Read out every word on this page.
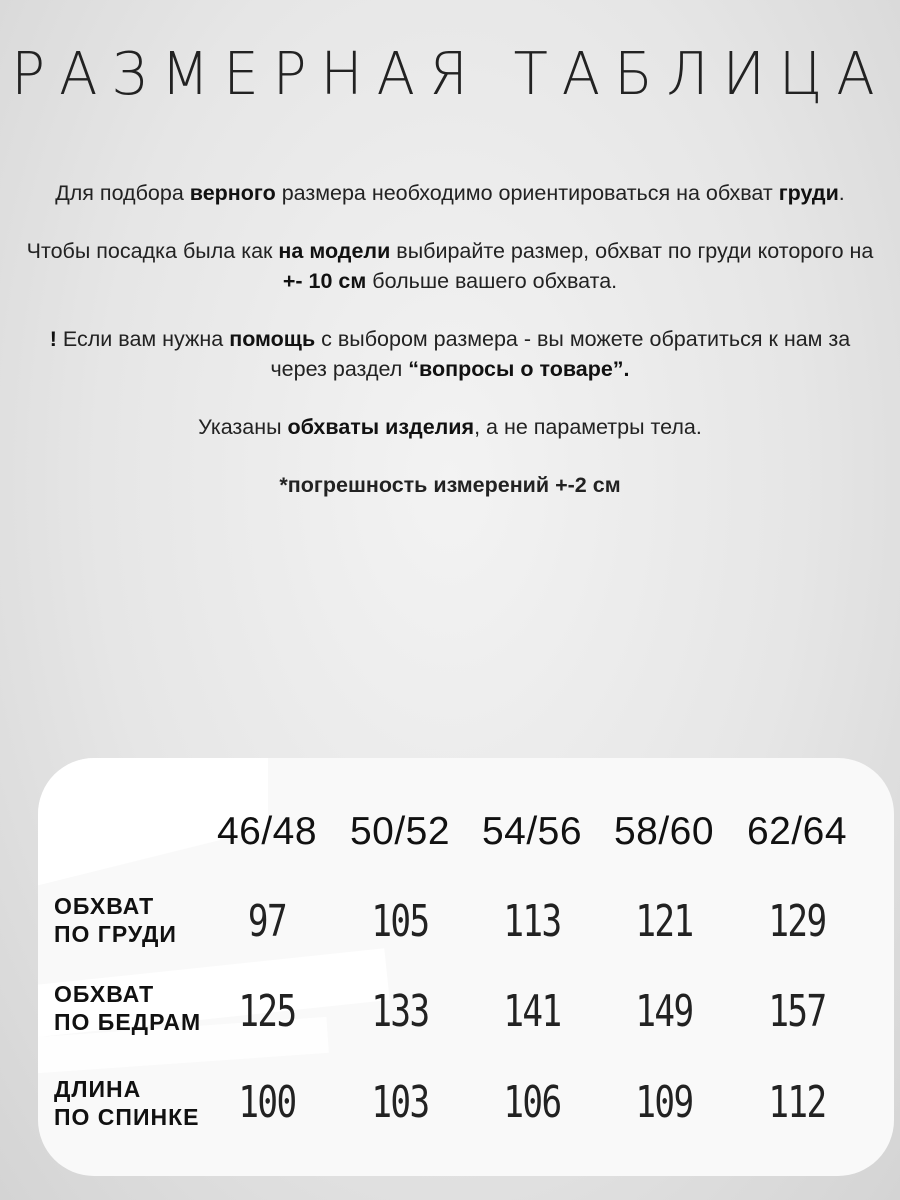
РАЗМЕРНАЯ ТАБЛИЦА

Для подбора верного размера необходимо ориентироваться на обхват груди.

Чтобы посадка была как на модели выбирайте размер, обхват по груди которого на +- 10 см больше вашего обхвата.

! Если вам нужна помощь с выбором размера - вы можете обратиться к нам за через раздел “вопросы о товаре”.

Указаны обхваты изделия, а не параметры тела.

*погрешность измерений +-2 см

46/48 50/52 54/56 58/60 62/64
ОБХВАТ
ПО ГРУДИ	97	105	113	121	129
ОБХВАТ
ПО БЕДРАМ 125	133	141	149	157
ДЛИНА
ПО СПИНКЕ 100	103	106	109	112
